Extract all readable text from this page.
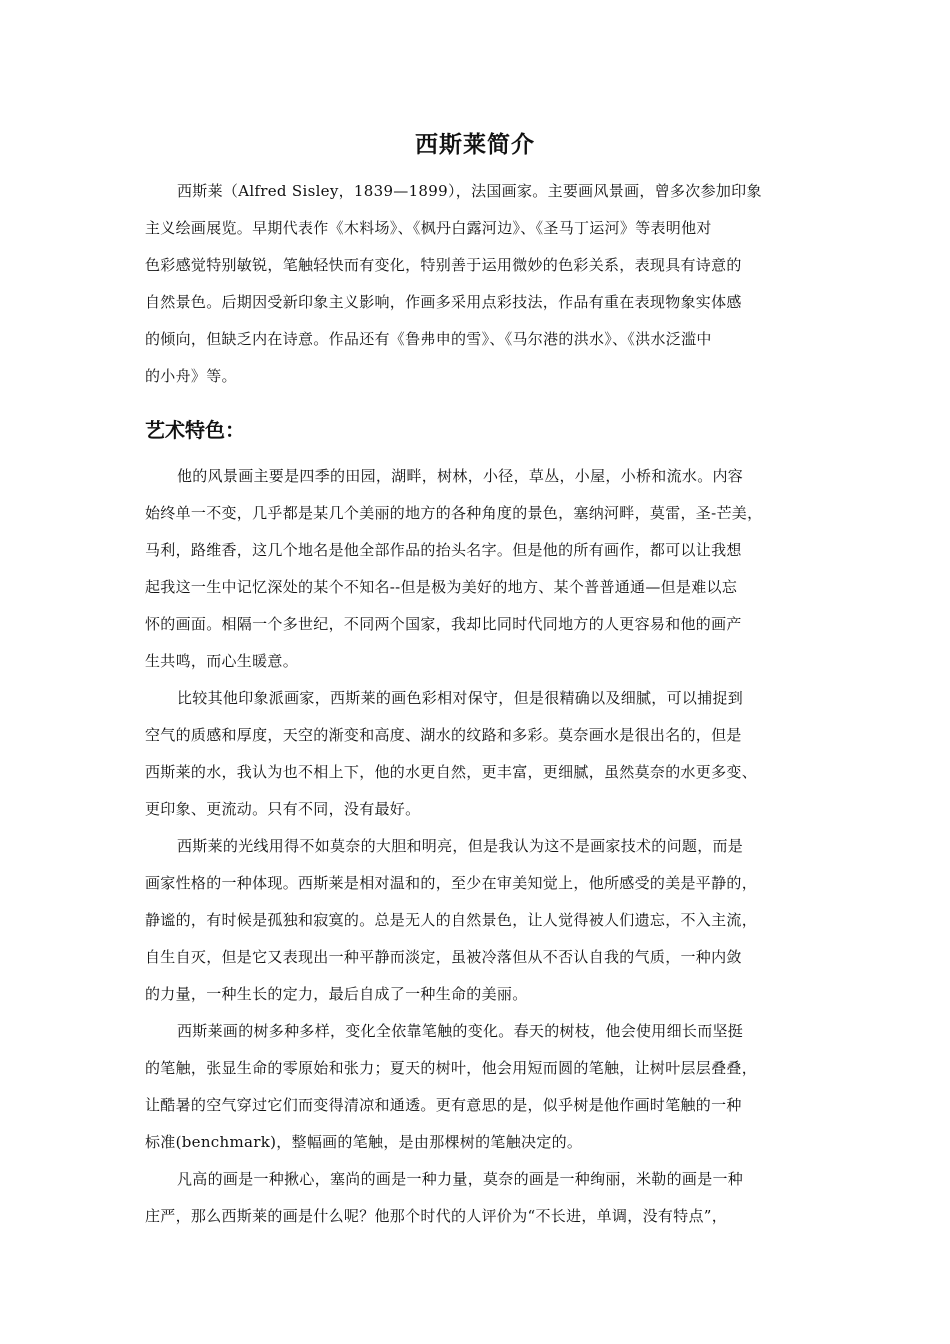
西斯莱简介
西斯莱（Alfred Sisley，1839—1899），法国画家。主要画风景画，曾多次参加印象
主义绘画展览。早期代表作《木料场》、《枫丹白露河边》、《圣马丁运河》等表明他对
色彩感觉特别敏锐，笔触轻快而有变化，特别善于运用微妙的色彩关系，表现具有诗意的
自然景色。后期因受新印象主义影响，作画多采用点彩技法，作品有重在表现物象实体感
的倾向，但缺乏内在诗意。作品还有《鲁弗申的雪》、《马尔港的洪水》、《洪水泛滥中
的小舟》等。
艺术特色：
他的风景画主要是四季的田园，湖畔，树林，小径，草丛，小屋，小桥和流水。内容
始终单一不变，几乎都是某几个美丽的地方的各种角度的景色，塞纳河畔，莫雷，圣-芒美，
马利，路维香，这几个地名是他全部作品的抬头名字。但是他的所有画作，都可以让我想
起我这一生中记忆深处的某个不知名--但是极为美好的地方、某个普普通通—但是难以忘
怀的画面。相隔一个多世纪，不同两个国家，我却比同时代同地方的人更容易和他的画产
生共鸣，而心生暖意。
比较其他印象派画家，西斯莱的画色彩相对保守，但是很精确以及细腻，可以捕捉到
空气的质感和厚度，天空的渐变和高度、湖水的纹路和多彩。莫奈画水是很出名的，但是
西斯莱的水，我认为也不相上下，他的水更自然，更丰富，更细腻，虽然莫奈的水更多变、
更印象、更流动。只有不同，没有最好。
西斯莱的光线用得不如莫奈的大胆和明亮，但是我认为这不是画家技术的问题，而是
画家性格的一种体现。西斯莱是相对温和的，至少在审美知觉上，他所感受的美是平静的，
静谧的，有时候是孤独和寂寞的。总是无人的自然景色，让人觉得被人们遗忘，不入主流，
自生自灭，但是它又表现出一种平静而淡定，虽被冷落但从不否认自我的气质，一种内敛
的力量，一种生长的定力，最后自成了一种生命的美丽。
西斯莱画的树多种多样，变化全依靠笔触的变化。春天的树枝，他会使用细长而坚挺
的笔触，张显生命的零原始和张力；夏天的树叶，他会用短而圆的笔触，让树叶层层叠叠，
让酷暑的空气穿过它们而变得清凉和通透。更有意思的是，似乎树是他作画时笔触的一种
标准(benchmark)，整幅画的笔触，是由那棵树的笔触决定的。
凡高的画是一种揪心，塞尚的画是一种力量，莫奈的画是一种绚丽，米勒的画是一种
庄严，那么西斯莱的画是什么呢？他那个时代的人评价为“不长进，单调，没有特点”，
